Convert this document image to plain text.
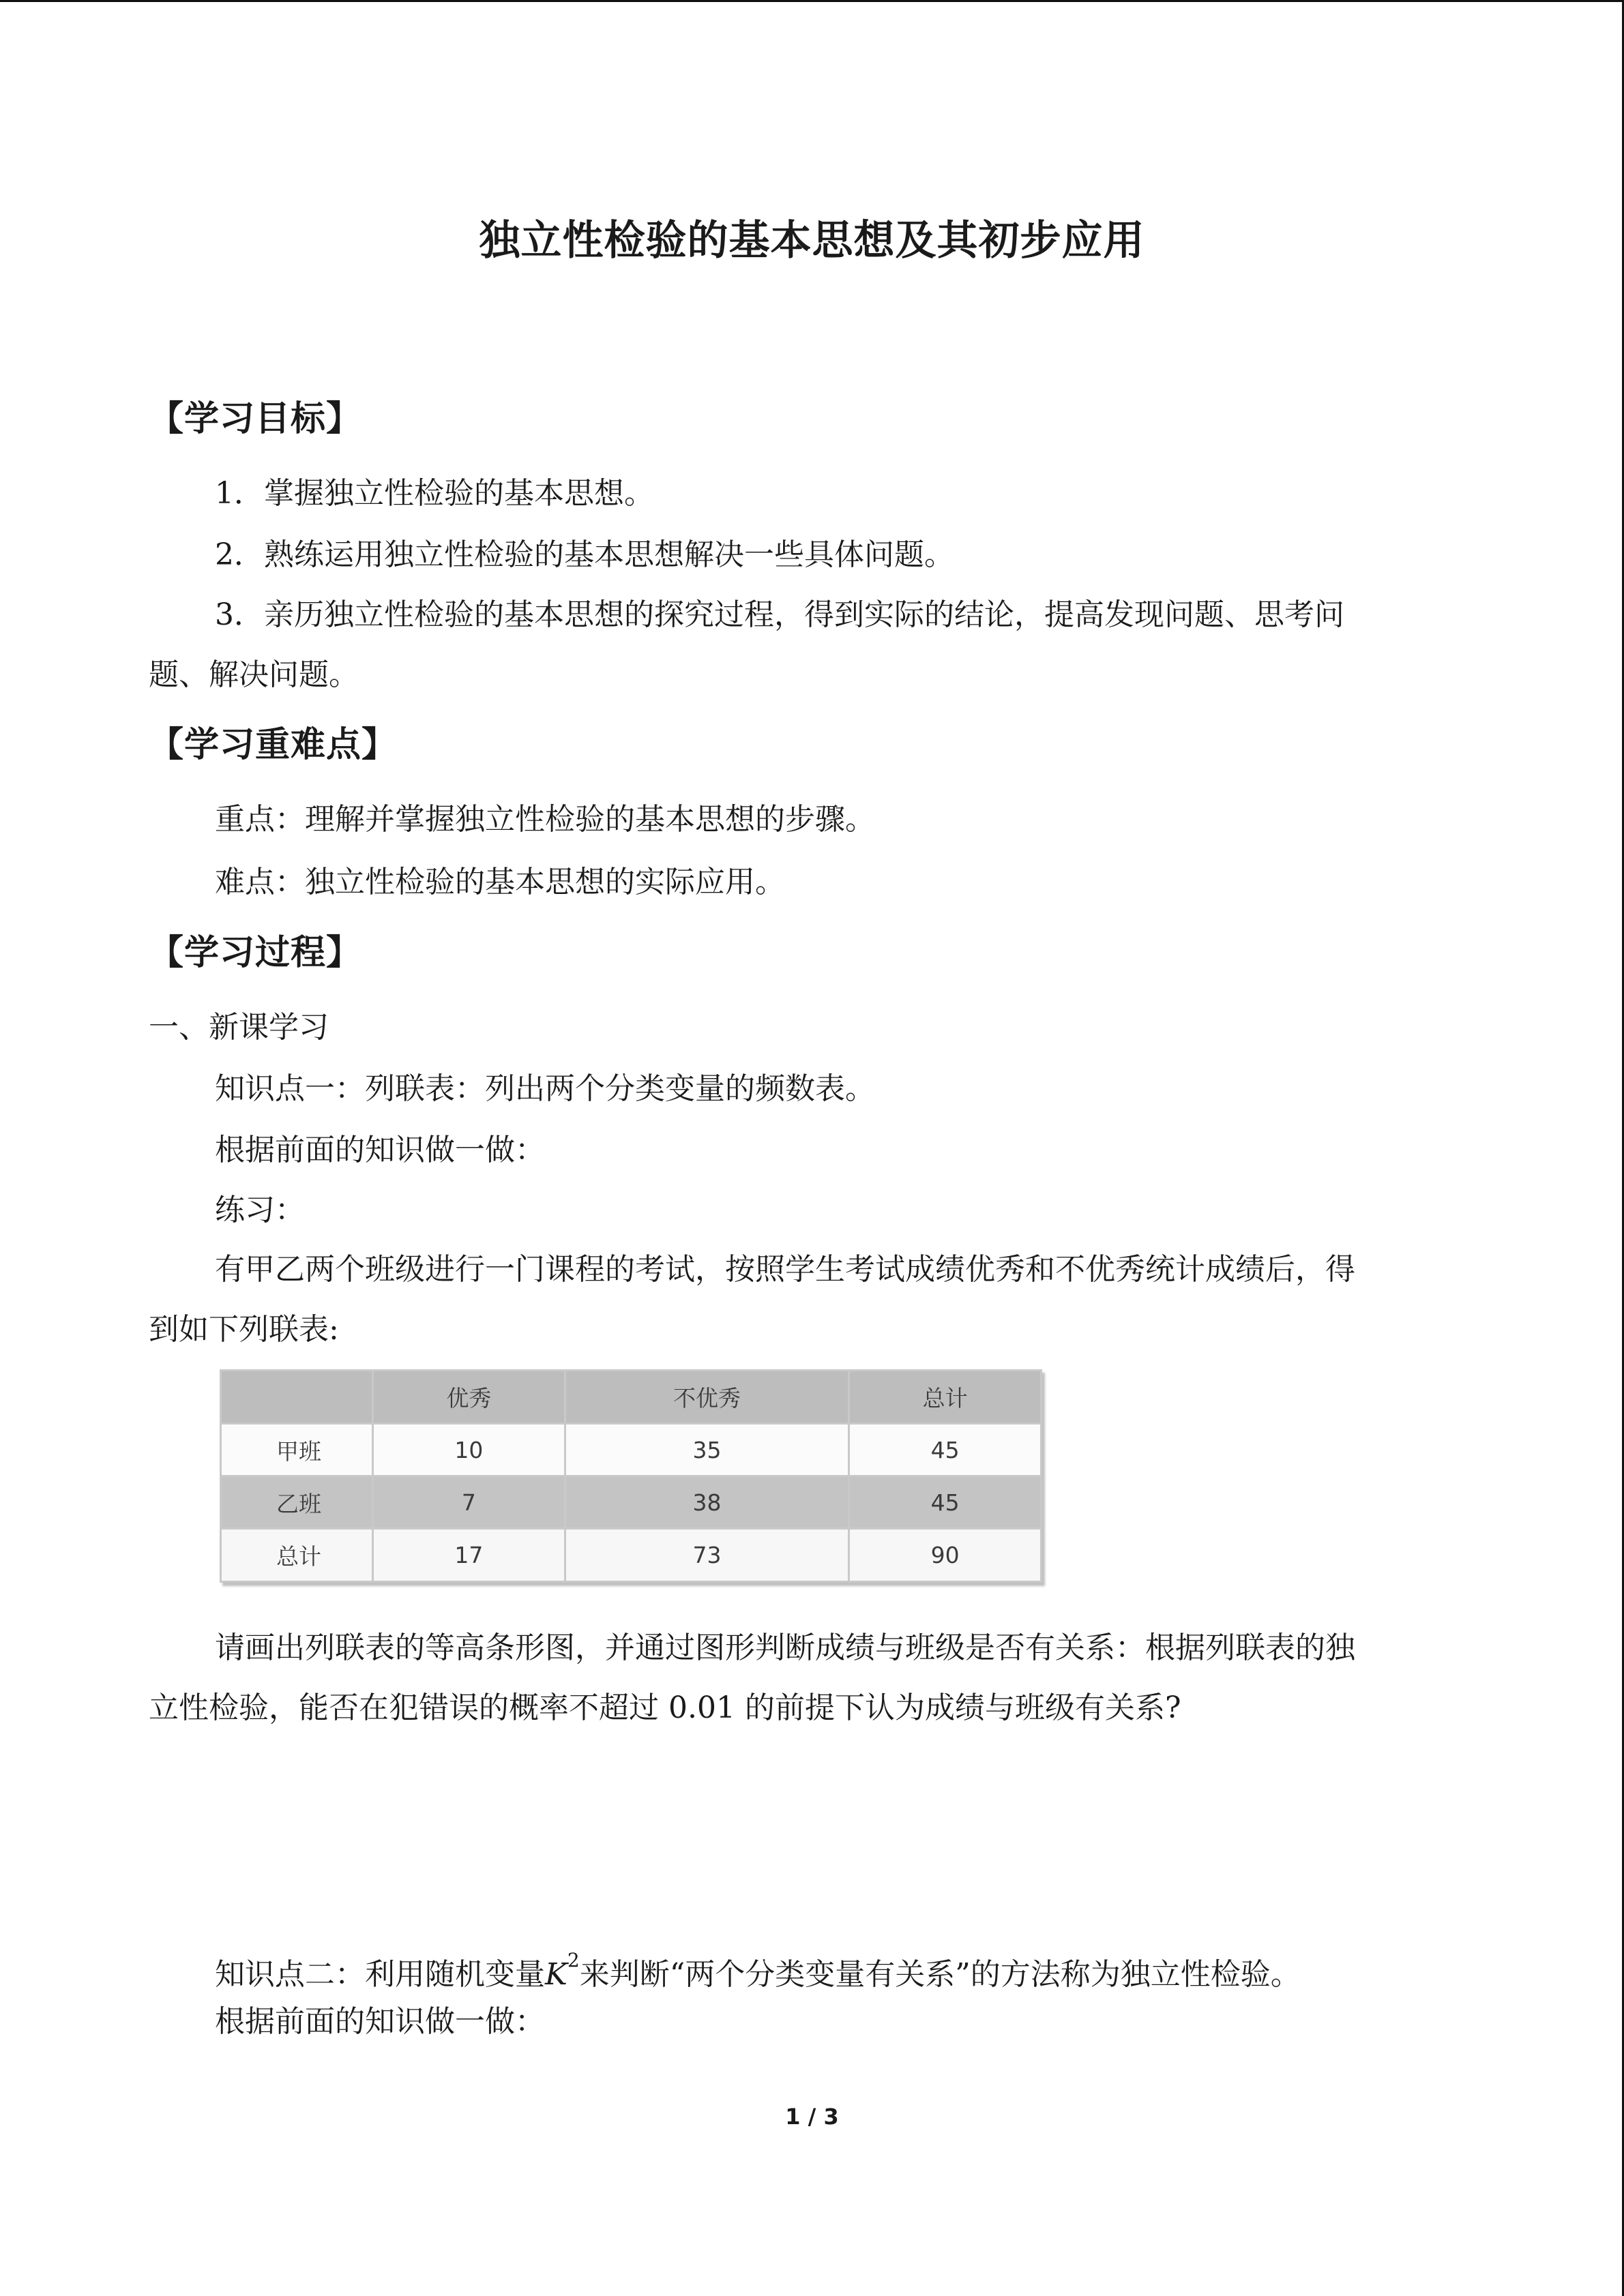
独立性检验的基本思想及其初步应用
【学习目标】
1．掌握独立性检验的基本思想。
2．熟练运用独立性检验的基本思想解决一些具体问题。
3．亲历独立性检验的基本思想的探究过程，得到实际的结论，提高发现问题、思考问
题、解决问题。
【学习重难点】
重点：理解并掌握独立性检验的基本思想的步骤。
难点：独立性检验的基本思想的实际应用。
【学习过程】
一、新课学习
知识点一：列联表：列出两个分类变量的频数表。
根据前面的知识做一做：
练习：
有甲乙两个班级进行一门课程的考试，按照学生考试成绩优秀和不优秀统计成绩后，得
到如下列联表:
	优秀	不优秀	总计
甲班	10	35	45
乙班	7	38	45
总计	17	73	90
请画出列联表的等高条形图，并通过图形判断成绩与班级是否有关系：根据列联表的独
立性检验，能否在犯错误的概率不超过 0.01 的前提下认为成绩与班级有关系?
知识点二：利用随机变量$K^2$来判断“两个分类变量有关系”的方法称为独立性检验。
根据前面的知识做一做：
1 / 3
